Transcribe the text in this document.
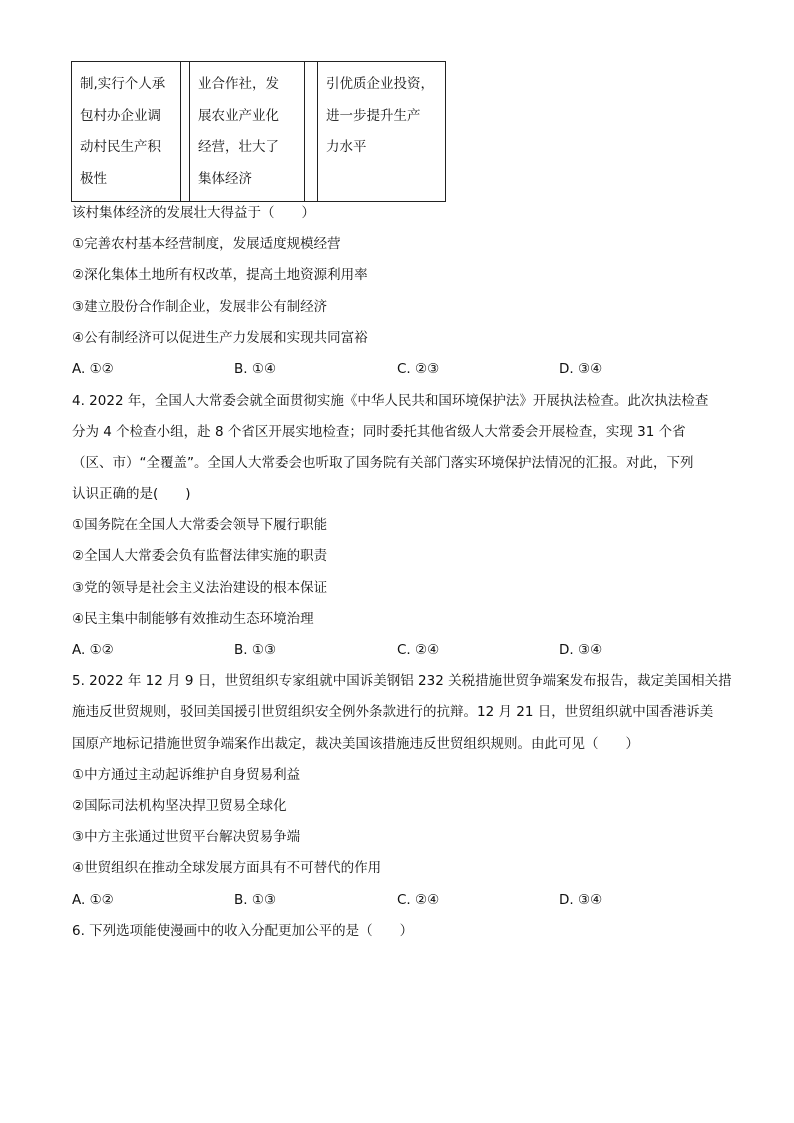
制,实行个人承
包村办企业调
动村民生产积
极性

业合作社，发
展农业产业化
经营，壮大了
集体经济

引优质企业投资，
进一步提升生产
力水平
该村集体经济的发展壮大得益于（　　）
①完善农村基本经营制度，发展适度规模经营
②深化集体土地所有权改革，提高土地资源利用率
③建立股份合作制企业，发展非公有制经济
④公有制经济可以促进生产力发展和实现共同富裕
A. ①②	B. ①④	C. ②③	D. ③④
4. 2022 年，全国人大常委会就全面贯彻实施《中华人民共和国环境保护法》开展执法检查。此次执法检查
分为 4 个检查小组，赴 8 个省区开展实地检查；同时委托其他省级人大常委会开展检查，实现 31 个省
（区、市）“全覆盖”。全国人大常委会也听取了国务院有关部门落实环境保护法情况的汇报。对此，下列
认识正确的是(　　)
①国务院在全国人大常委会领导下履行职能
②全国人大常委会负有监督法律实施的职责
③党的领导是社会主义法治建设的根本保证
④民主集中制能够有效推动生态环境治理
A. ①②	B. ①③	C. ②④	D. ③④
5. 2022 年 12 月 9 日，世贸组织专家组就中国诉美钢铝 232 关税措施世贸争端案发布报告，裁定美国相关措
施违反世贸规则，驳回美国援引世贸组织安全例外条款进行的抗辩。12 月 21 日，世贸组织就中国香港诉美
国原产地标记措施世贸争端案作出裁定，裁决美国该措施违反世贸组织规则。由此可见（　　）
①中方通过主动起诉维护自身贸易利益
②国际司法机构坚决捍卫贸易全球化
③中方主张通过世贸平台解决贸易争端
④世贸组织在推动全球发展方面具有不可替代的作用
A. ①②	B. ①③	C. ②④	D. ③④
6. 下列选项能使漫画中的收入分配更加公平的是（　　）
